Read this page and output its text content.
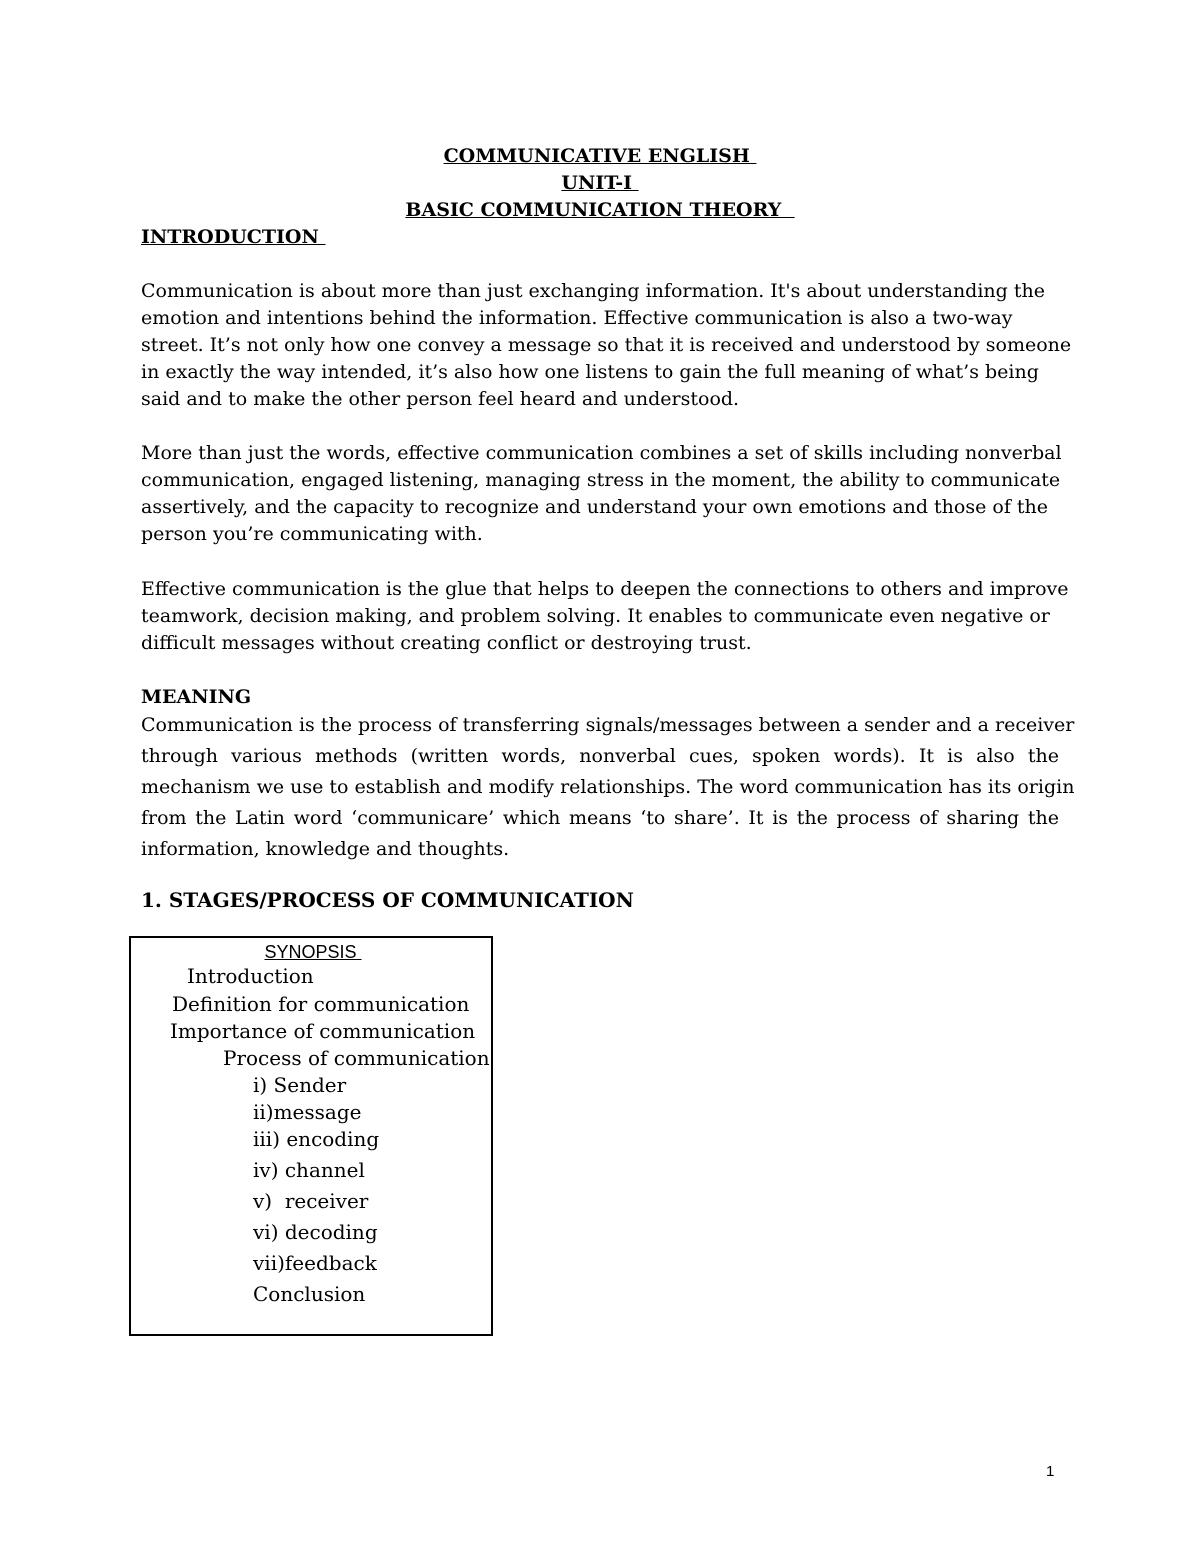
COMMUNICATIVE ENGLISH
UNIT-I
BASIC COMMUNICATION THEORY
INTRODUCTION
Communication is about more than just exchanging information. It's about understanding the
emotion and intentions behind the information. Effective communication is also a two-way
street. It’s not only how one convey a message so that it is received and understood by someone
in exactly the way intended, it’s also how one listens to gain the full meaning of what’s being
said and to make the other person feel heard and understood.
More than just the words, effective communication combines a set of skills including nonverbal
communication, engaged listening, managing stress in the moment, the ability to communicate
assertively, and the capacity to recognize and understand your own emotions and those of the
person you’re communicating with.
Effective communication is the glue that helps to deepen the connections to others and improve
teamwork, decision making, and problem solving. It enables to communicate even negative or
difficult messages without creating conflict or destroying trust.
MEANING
Communication is the process of transferring signals/messages between a sender and a receiver
through various methods (written words, nonverbal cues, spoken words). It is also the
mechanism we use to establish and modify relationships. The word communication has its origin
from the Latin word ‘communicare’ which means ‘to share’. It is the process of sharing the
information, knowledge and thoughts.
1. STAGES/PROCESS OF COMMUNICATION
SYNOPSIS
Introduction
Definition for communication
Importance of communication
Process of communication
i) Sender
ii)message
iii) encoding
iv) channel
v)  receiver
vi) decoding
vii)feedback
Conclusion
1
